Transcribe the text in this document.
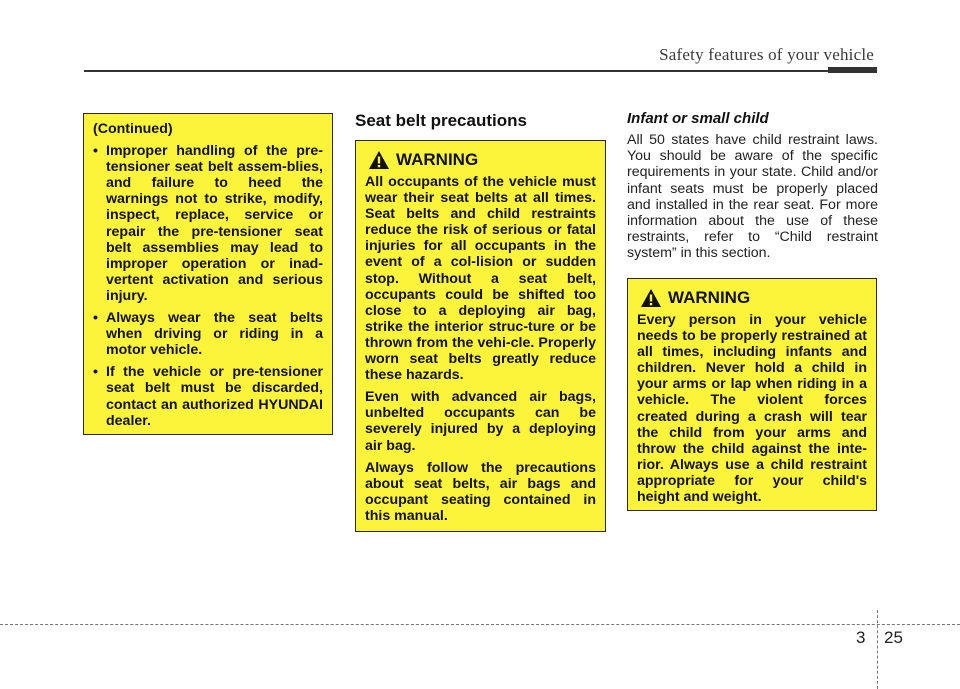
Safety features of your vehicle
(Continued)
• Improper handling of the pre-tensioner seat belt assem-blies, and failure to heed the warnings not to strike, modify, inspect, replace, service or repair the pre-tensioner seat belt assemblies may lead to improper operation or inad-vertent activation and serious injury.
• Always wear the seat belts when driving or riding in a motor vehicle.
• If the vehicle or pre-tensioner seat belt must be discarded, contact an authorized HYUNDAI dealer.
Seat belt precautions
WARNING
All occupants of the vehicle must wear their seat belts at all times. Seat belts and child restraints reduce the risk of serious or fatal injuries for all occupants in the event of a col-lision or sudden stop. Without a seat belt, occupants could be shifted too close to a deploying air bag, strike the interior struc-ture or be thrown from the vehi-cle. Properly worn seat belts greatly reduce these hazards.
Even with advanced air bags, unbelted occupants can be severely injured by a deploying air bag.
Always follow the precautions about seat belts, air bags and occupant seating contained in this manual.
Infant or small child
All 50 states have child restraint laws. You should be aware of the specific requirements in your state. Child and/or infant seats must be properly placed and installed in the rear seat. For more information about the use of these restraints, refer to “Child restraint system” in this section.
WARNING
Every person in your vehicle needs to be properly restrained at all times, including infants and children. Never hold a child in your arms or lap when riding in a vehicle. The violent forces created during a crash will tear the child from your arms and throw the child against the inte-rior. Always use a child restraint appropriate for your child's height and weight.
3 25
